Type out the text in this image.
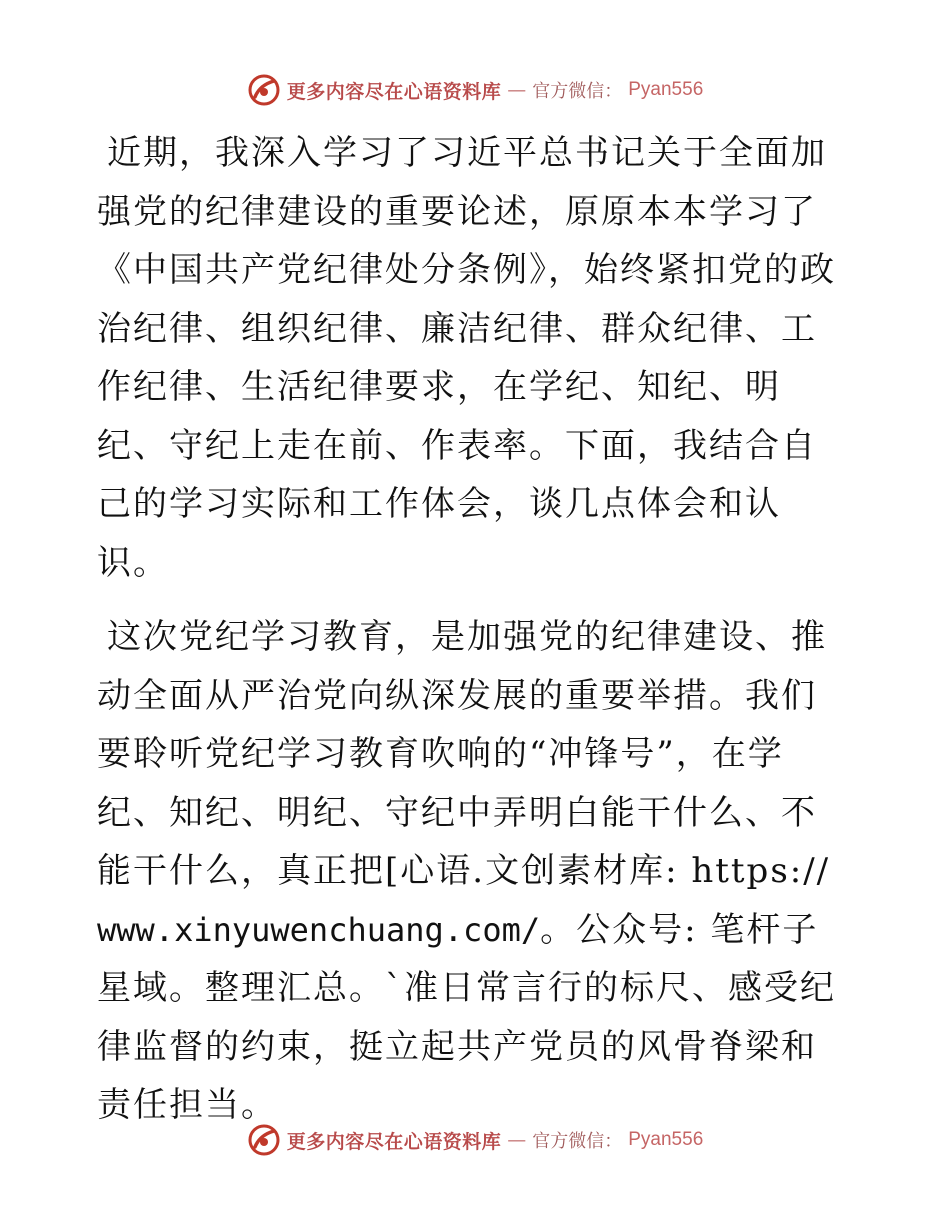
更多内容尽在心语资料库 — 官方微信： Pyan556

近期，我深入学习了习近平总书记关于全面加强党的纪律建设的重要论述，原原本本学习了《中国共产党纪律处分条例》，始终紧扣党的政治纪律、组织纪律、廉洁纪律、群众纪律、工作纪律、生活纪律要求，在学纪、知纪、明纪、守纪上走在前、作表率。下面，我结合自己的学习实际和工作体会，谈几点体会和认识。

这次党纪学习教育，是加强党的纪律建设、推动全面从严治党向纵深发展的重要举措。我们要聆听党纪学习教育吹响的“冲锋号”，在学纪、知纪、明纪、守纪中弄明白能干什么、不能干什么，真正把[心语.文创素材库: https://
www.xinyuwenchuang.com/。公众号: 笔杆子星域。整理汇总。`准日常言行的标尺、感受纪律监督的约束，挺立起共产党员的风骨脊梁和责任担当。

更多内容尽在心语资料库 — 官方微信： Pyan556
